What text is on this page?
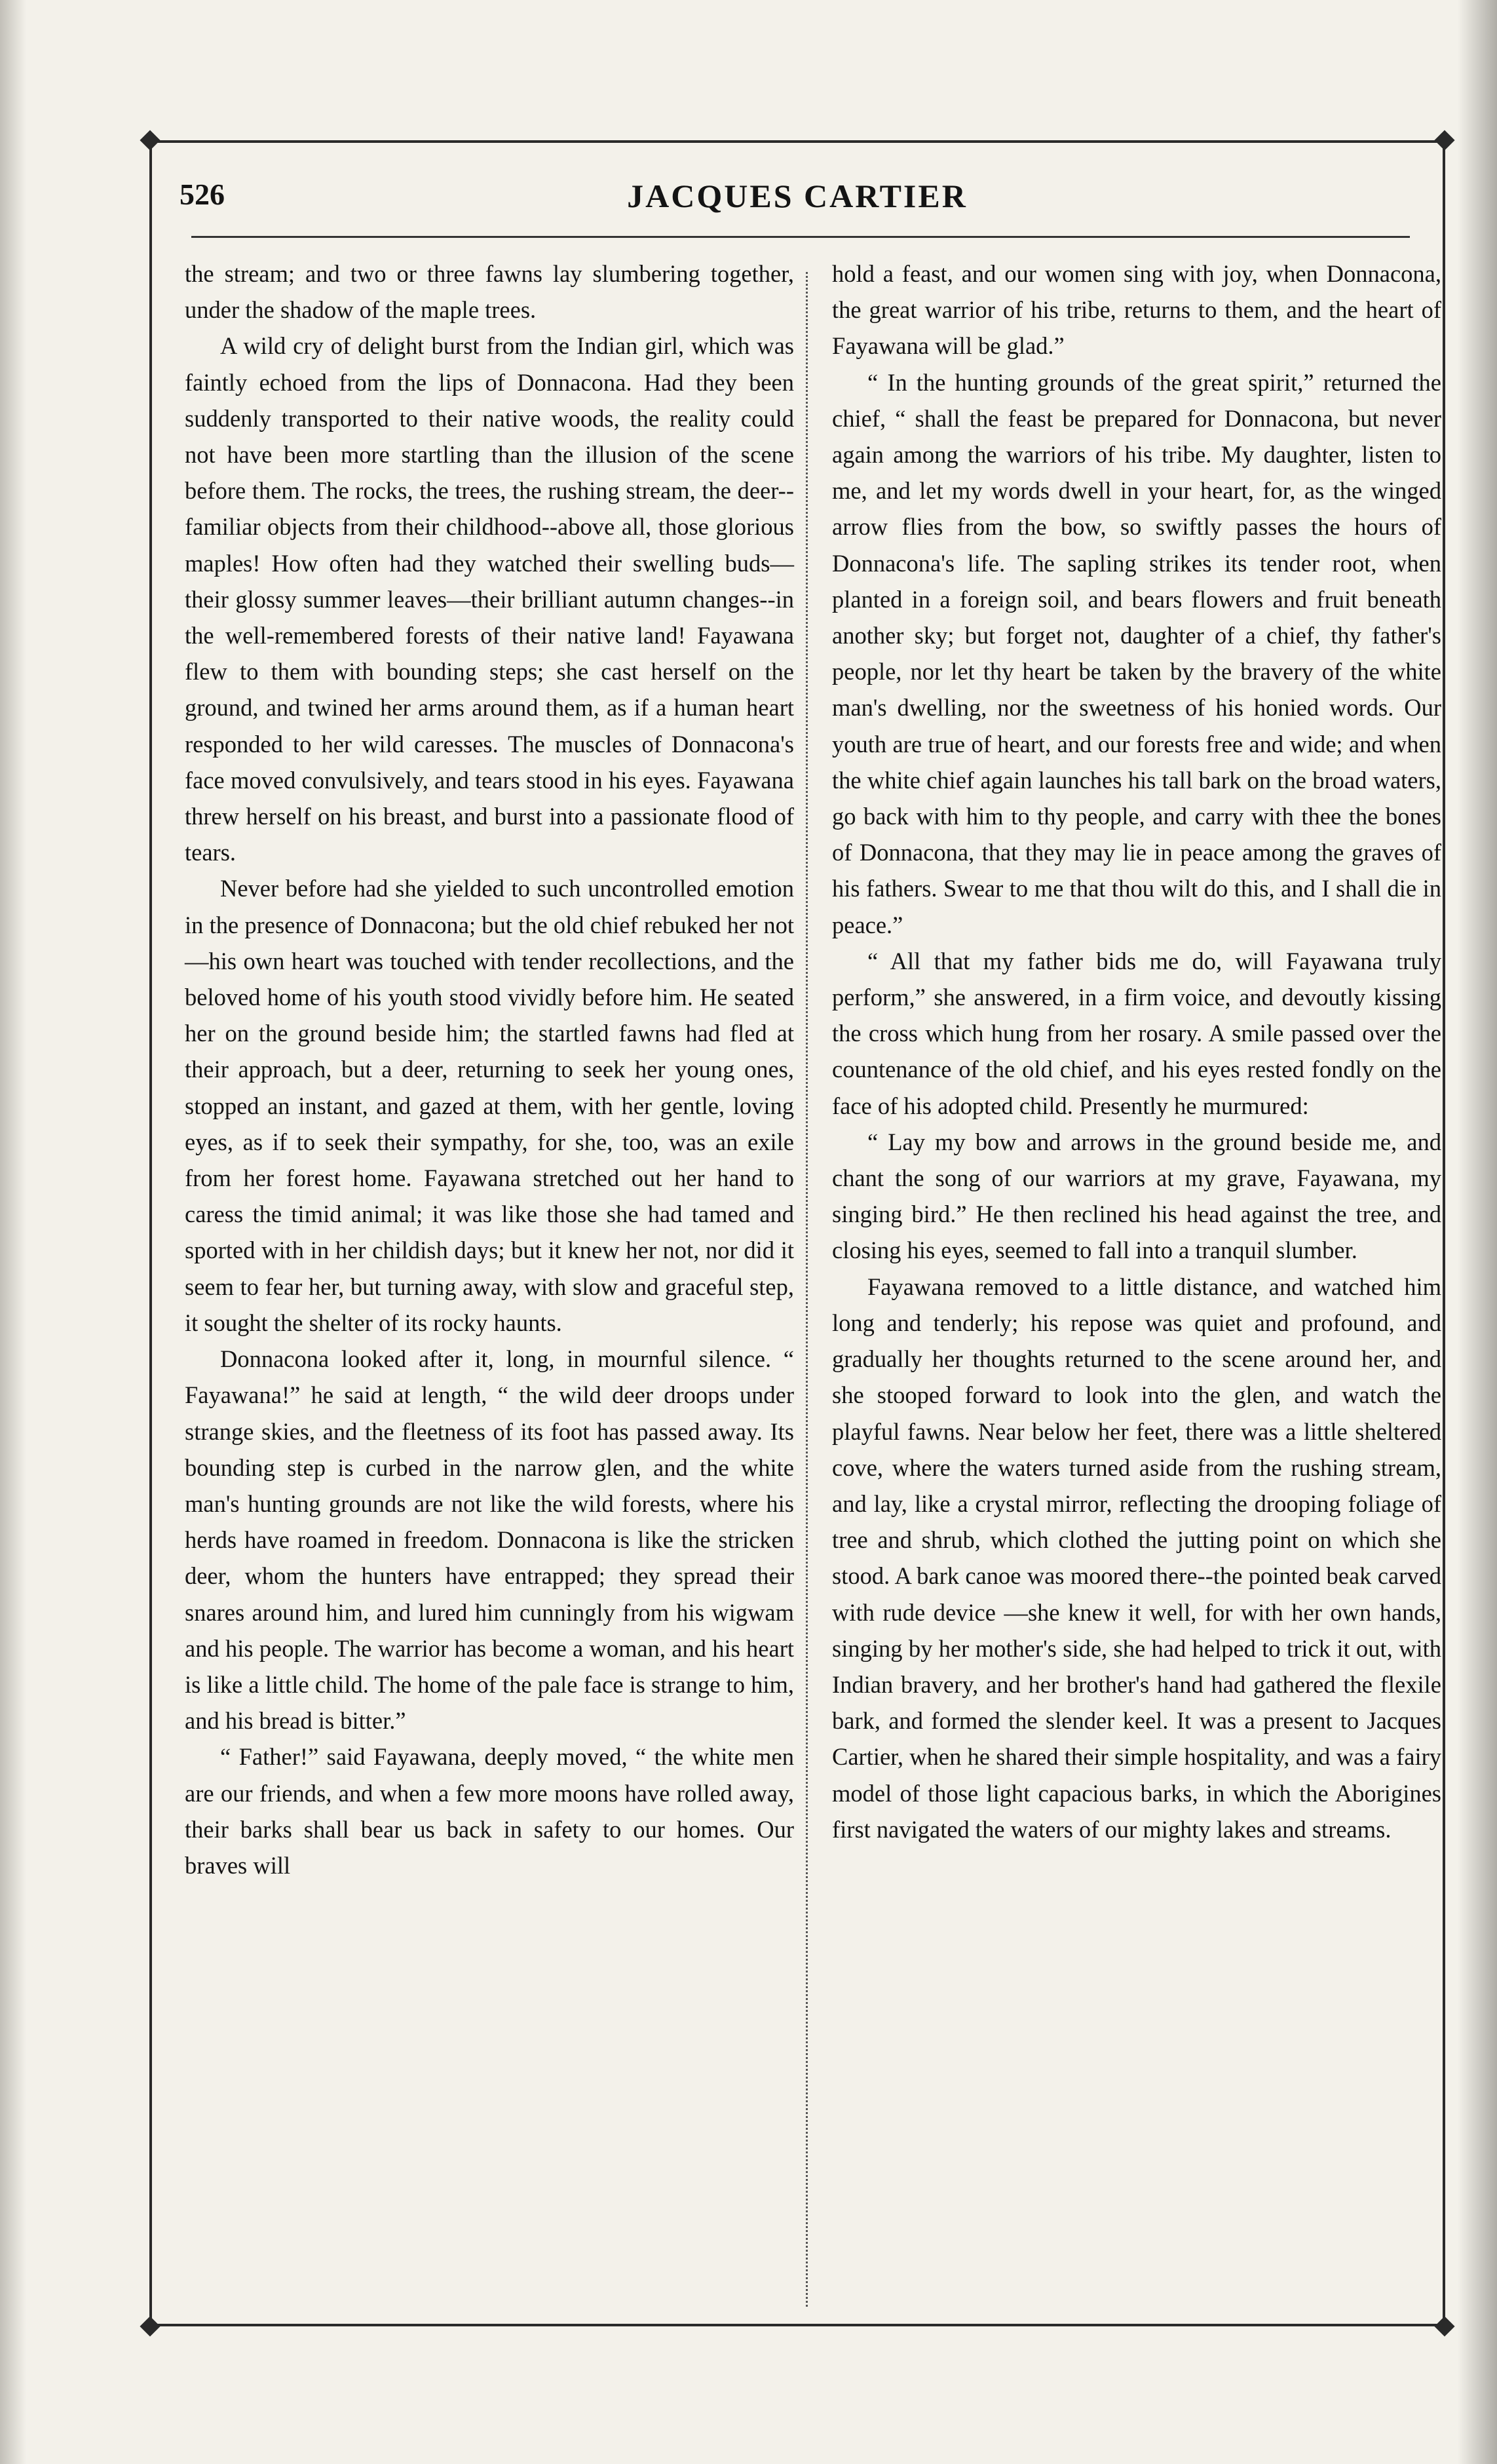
526	JACQUES CARTIER

the stream; and two or three fawns lay slumbering together, under the shadow of the maple trees.

A wild cry of delight burst from the Indian girl, which was faintly echoed from the lips of Donnacona. Had they been suddenly transported to their native woods, the reality could not have been more startling than the illusion of the scene before them. The rocks, the trees, the rushing stream, the deer--familiar objects from their childhood--above all, those glorious maples! How often had they watched their swelling buds—their glossy summer leaves—their brilliant autumn changes--in the well-remembered forests of their native land! Fayawana flew to them with bounding steps; she cast herself on the ground, and twined her arms around them, as if a human heart responded to her wild caresses. The muscles of Donnacona's face moved convulsively, and tears stood in his eyes. Fayawana threw herself on his breast, and burst into a passionate flood of tears.

Never before had she yielded to such uncontrolled emotion in the presence of Donnacona; but the old chief rebuked her not—his own heart was touched with tender recollections, and the beloved home of his youth stood vividly before him. He seated her on the ground beside him; the startled fawns had fled at their approach, but a deer, returning to seek her young ones, stopped an instant, and gazed at them, with her gentle, loving eyes, as if to seek their sympathy, for she, too, was an exile from her forest home. Fayawana stretched out her hand to caress the timid animal; it was like those she had tamed and sported with in her childish days; but it knew her not, nor did it seem to fear her, but turning away, with slow and graceful step, it sought the shelter of its rocky haunts.

Donnacona looked after it, long, in mournful silence. “ Fayawana!” he said at length, “ the wild deer droops under strange skies, and the fleetness of its foot has passed away. Its bounding step is curbed in the narrow glen, and the white man's hunting grounds are not like the wild forests, where his herds have roamed in freedom. Donnacona is like the stricken deer, whom the hunters have entrapped; they spread their snares around him, and lured him cunningly from his wigwam and his people. The warrior has become a woman, and his heart is like a little child. The home of the pale face is strange to him, and his bread is bitter.”

“ Father!” said Fayawana, deeply moved, “ the white men are our friends, and when a few more moons have rolled away, their barks shall bear us back in safety to our homes. Our braves will

hold a feast, and our women sing with joy, when Donnacona, the great warrior of his tribe, returns to them, and the heart of Fayawana will be glad.”

“ In the hunting grounds of the great spirit,” returned the chief, “ shall the feast be prepared for Donnacona, but never again among the warriors of his tribe. My daughter, listen to me, and let my words dwell in your heart, for, as the winged arrow flies from the bow, so swiftly passes the hours of Donnacona's life. The sapling strikes its tender root, when planted in a foreign soil, and bears flowers and fruit beneath another sky; but forget not, daughter of a chief, thy father's people, nor let thy heart be taken by the bravery of the white man's dwelling, nor the sweetness of his honied words. Our youth are true of heart, and our forests free and wide; and when the white chief again launches his tall bark on the broad waters, go back with him to thy people, and carry with thee the bones of Donnacona, that they may lie in peace among the graves of his fathers. Swear to me that thou wilt do this, and I shall die in peace.”

“ All that my father bids me do, will Fayawana truly perform,” she answered, in a firm voice, and devoutly kissing the cross which hung from her rosary. A smile passed over the countenance of the old chief, and his eyes rested fondly on the face of his adopted child. Presently he murmured:

“ Lay my bow and arrows in the ground beside me, and chant the song of our warriors at my grave, Fayawana, my singing bird.” He then reclined his head against the tree, and closing his eyes, seemed to fall into a tranquil slumber.

Fayawana removed to a little distance, and watched him long and tenderly; his repose was quiet and profound, and gradually her thoughts returned to the scene around her, and she stooped forward to look into the glen, and watch the playful fawns. Near below her feet, there was a little sheltered cove, where the waters turned aside from the rushing stream, and lay, like a crystal mirror, reflecting the drooping foliage of tree and shrub, which clothed the jutting point on which she stood. A bark canoe was moored there--the pointed beak carved with rude device —she knew it well, for with her own hands, singing by her mother's side, she had helped to trick it out, with Indian bravery, and her brother's hand had gathered the flexile bark, and formed the slender keel. It was a present to Jacques Cartier, when he shared their simple hospitality, and was a fairy model of those light capacious barks, in which the Aborigines first navigated the waters of our mighty lakes and streams.
